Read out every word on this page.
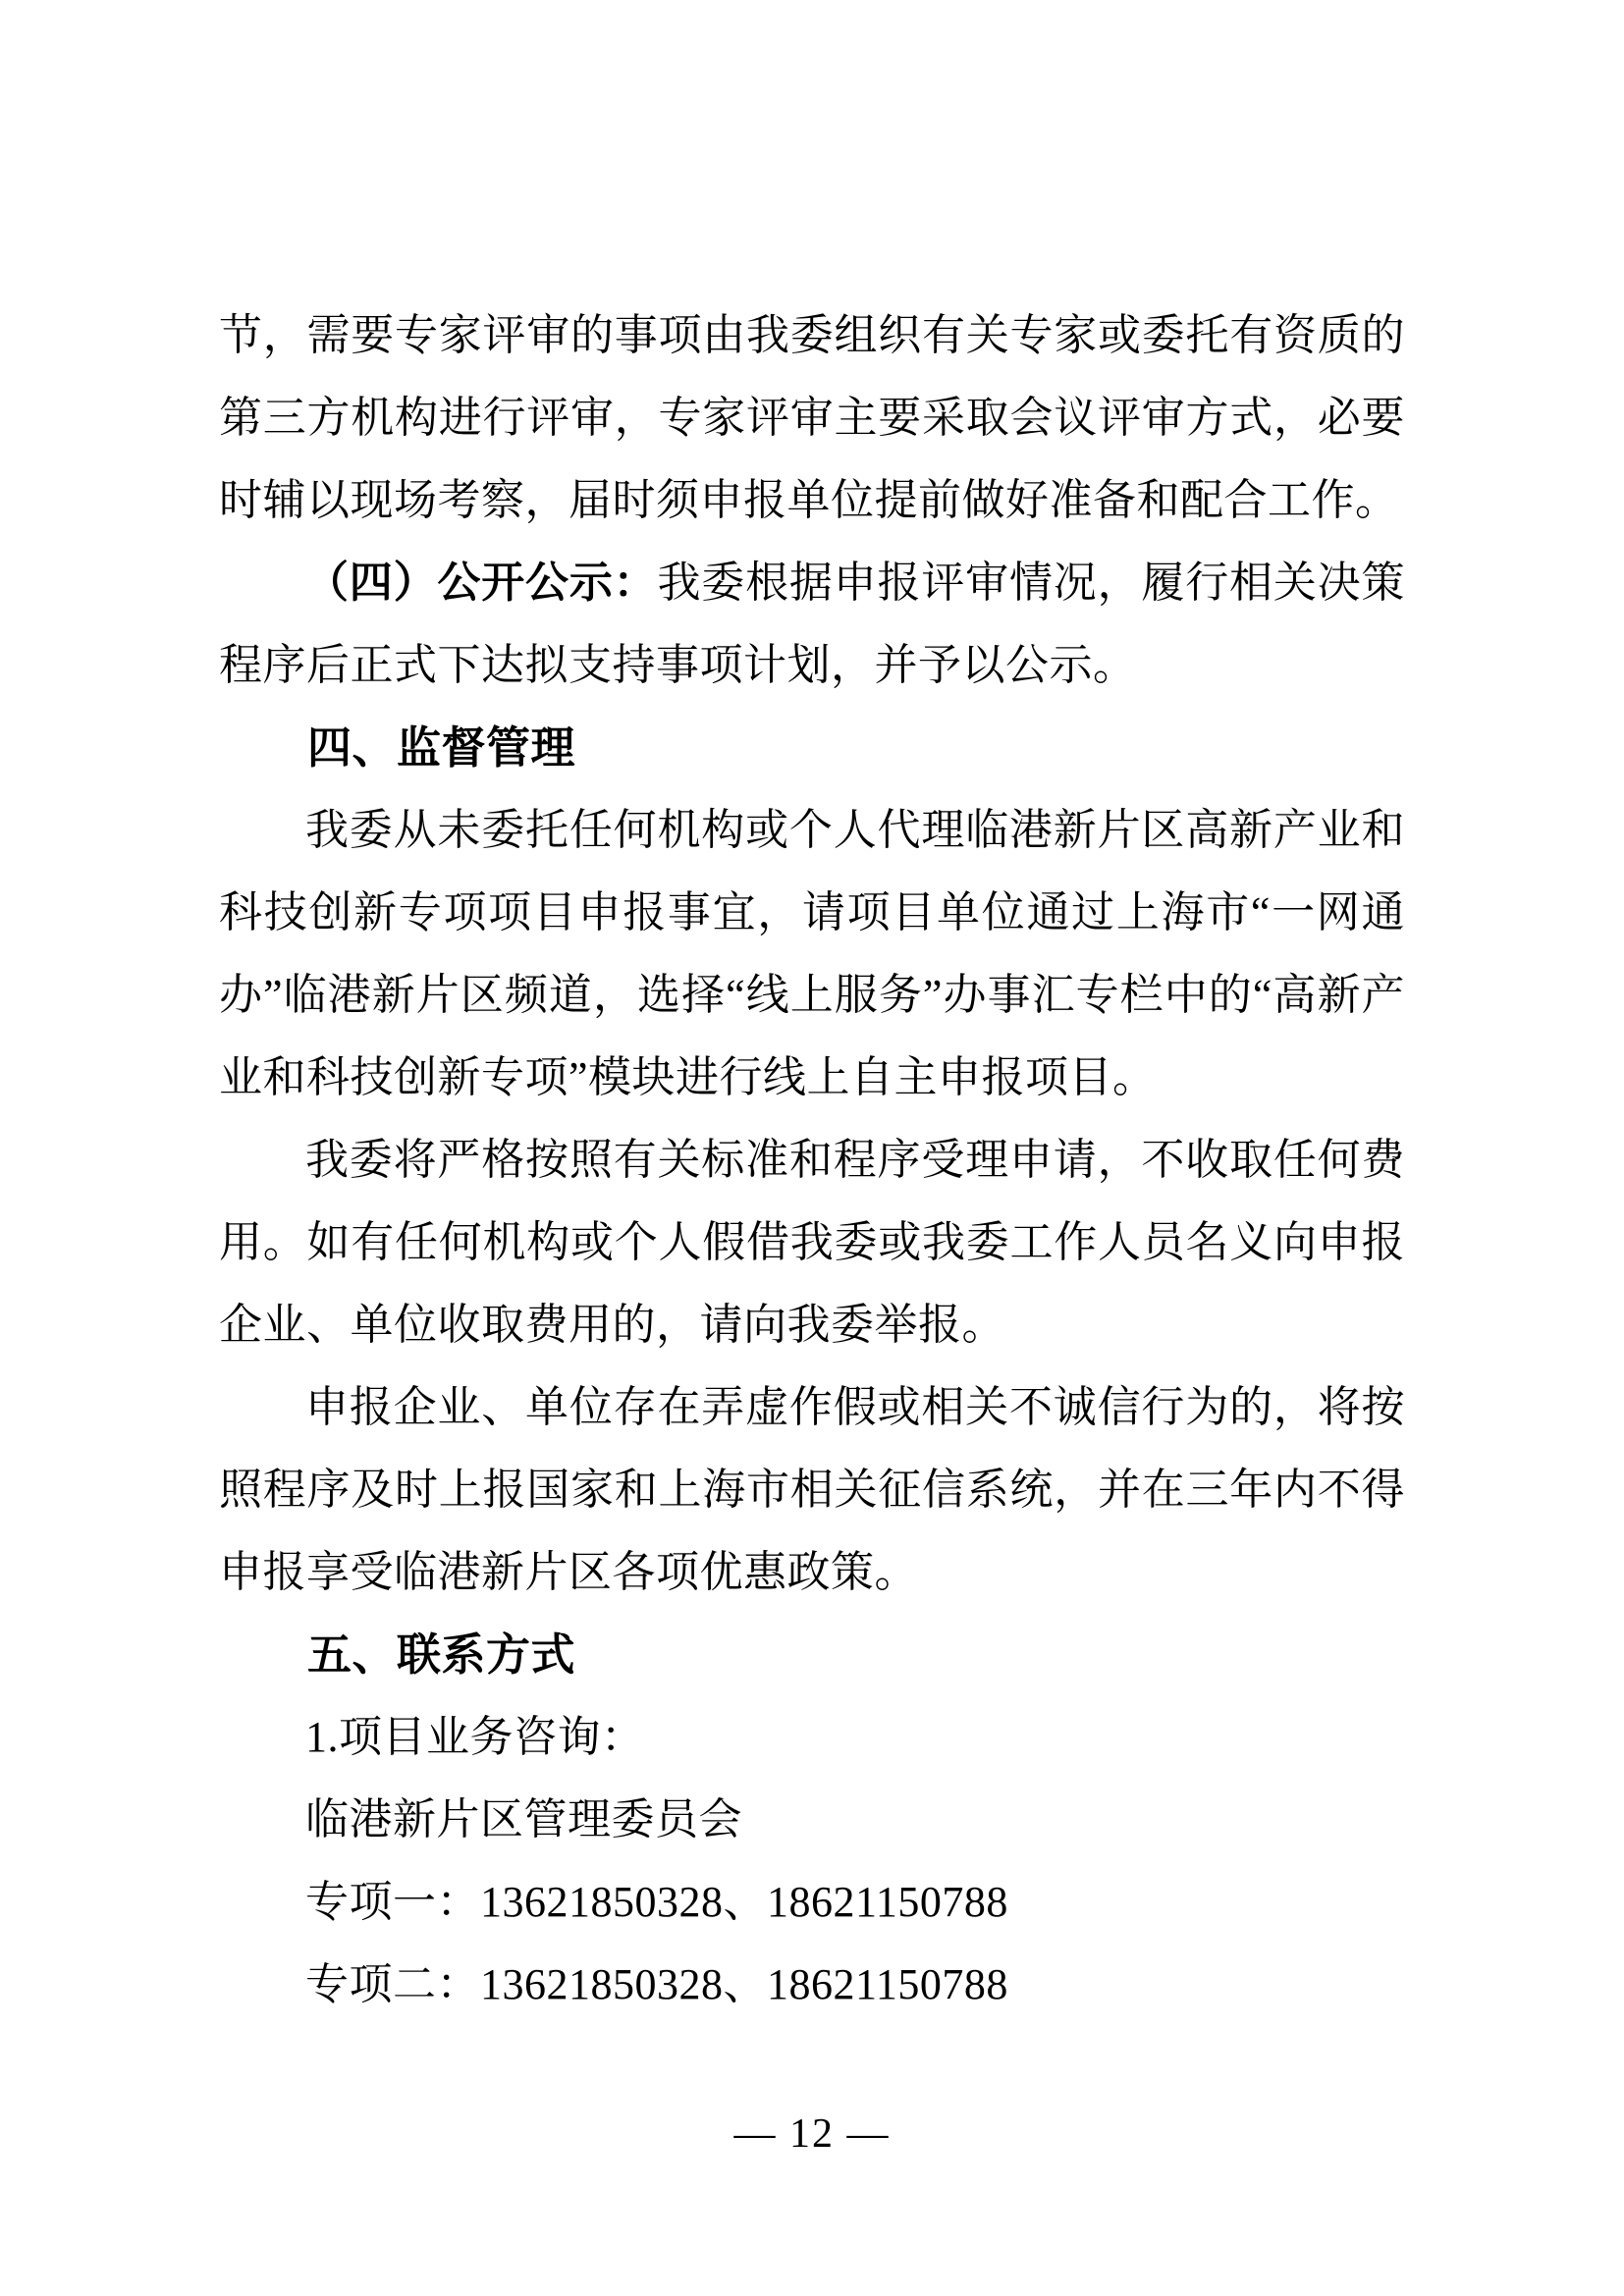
节，需要专家评审的事项由我委组织有关专家或委托有资质的第三方机构进行评审，专家评审主要采取会议评审方式，必要时辅以现场考察，届时须申报单位提前做好准备和配合工作。

（四）公开公示：我委根据申报评审情况，履行相关决策程序后正式下达拟支持事项计划，并予以公示。

四、监督管理

我委从未委托任何机构或个人代理临港新片区高新产业和科技创新专项项目申报事宜，请项目单位通过上海市“一网通办”临港新片区频道，选择“线上服务”办事汇专栏中的“高新产业和科技创新专项”模块进行线上自主申报项目。

我委将严格按照有关标准和程序受理申请，不收取任何费用。如有任何机构或个人假借我委或我委工作人员名义向申报企业、单位收取费用的，请向我委举报。

申报企业、单位存在弄虚作假或相关不诚信行为的，将按照程序及时上报国家和上海市相关征信系统，并在三年内不得申报享受临港新片区各项优惠政策。

五、联系方式

1.项目业务咨询：

临港新片区管理委员会

专项一：13621850328、18621150788

专项二：13621850328、18621150788

— 12 —
